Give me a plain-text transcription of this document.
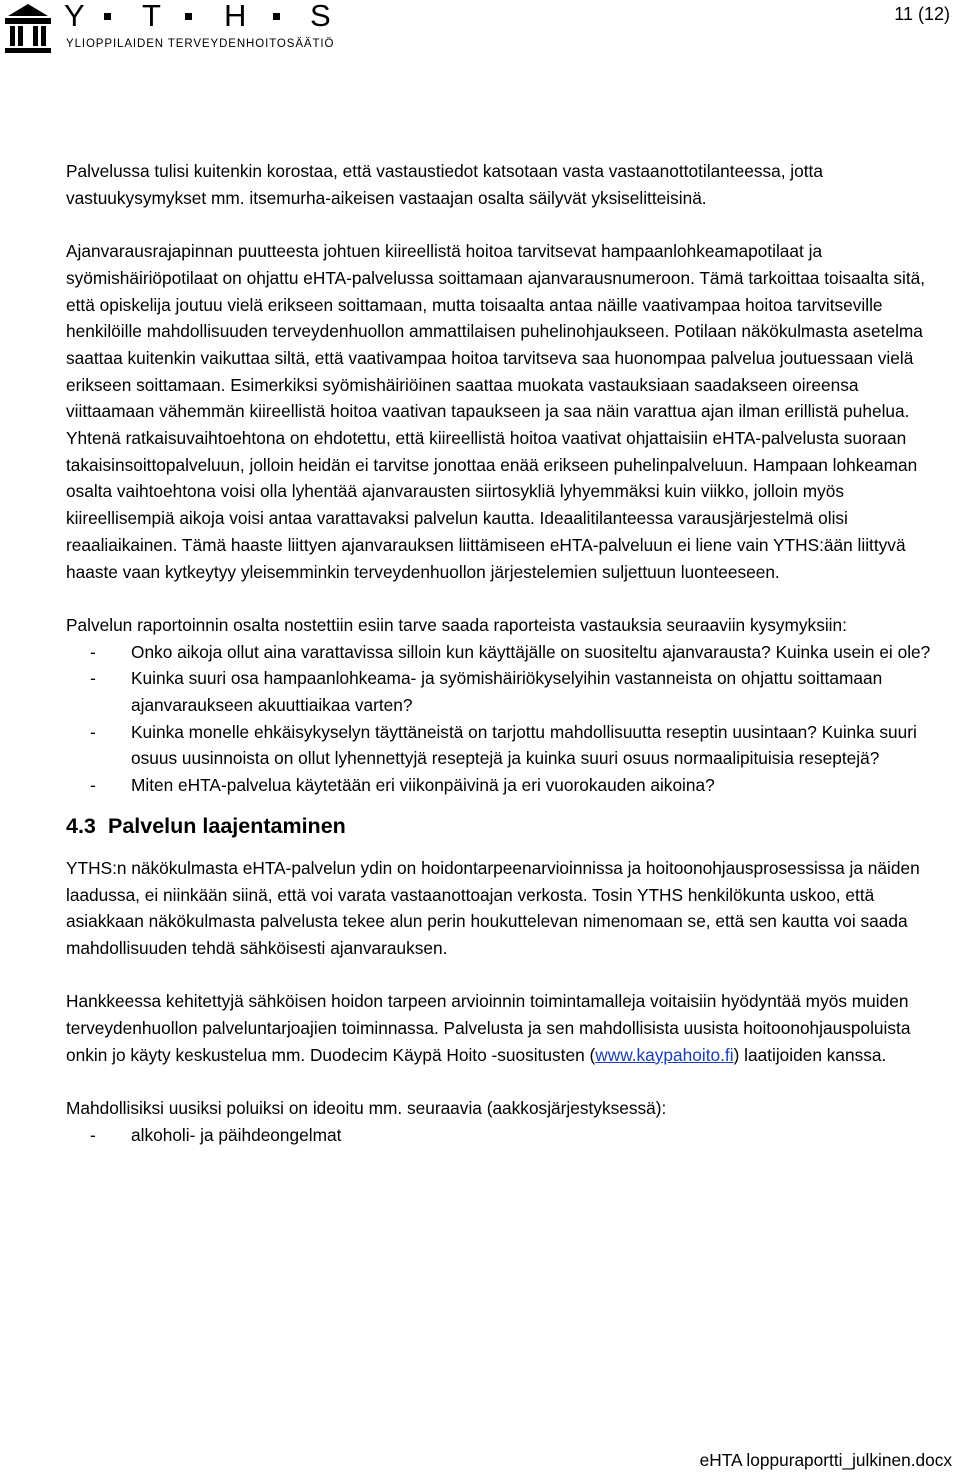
Y T H S
YLIOPPILAIDEN TERVEYDENHOITOSÄÄTIÖ
11 (12)

Palvelussa tulisi kuitenkin korostaa, että vastaustiedot katsotaan vasta vastaanottotilanteessa, jotta vastuukysymykset mm. itsemurha-aikeisen vastaajan osalta säilyvät yksiselitteisinä.

Ajanvarausrajapinnan puutteesta johtuen kiireellistä hoitoa tarvitsevat hampaanlohkeamapotilaat ja syömishäiriöpotilaat on ohjattu eHTA-palvelussa soittamaan ajanvarausnumeroon. Tämä tarkoittaa toisaalta sitä, että opiskelija joutuu vielä erikseen soittamaan, mutta toisaalta antaa näille vaativampaa hoitoa tarvitseville henkilöille mahdollisuuden terveydenhuollon ammattilaisen puhelinohjaukseen. Potilaan näkökulmasta asetelma saattaa kuitenkin vaikuttaa siltä, että vaativampaa hoitoa tarvitseva saa huonompaa palvelua joutuessaan vielä erikseen soittamaan. Esimerkiksi syömishäiriöinen saattaa muokata vastauksiaan saadakseen oireensa viittaamaan vähemmän kiireellistä hoitoa vaativan tapaukseen ja saa näin varattua ajan ilman erillistä puhelua. Yhtenä ratkaisuvaihtoehtona on ehdotettu, että kiireellistä hoitoa vaativat ohjattaisiin eHTA-palvelusta suoraan takaisinsoittopalveluun, jolloin heidän ei tarvitse jonottaa enää erikseen puhelinpalveluun. Hampaan lohkeaman osalta vaihtoehtona voisi olla lyhentää ajanvarausten siirtosykliä lyhyemmäksi kuin viikko, jolloin myös kiireellisempiä aikoja voisi antaa varattavaksi palvelun kautta. Ideaalitilanteessa varausjärjestelmä olisi reaaliaikainen. Tämä haaste liittyen ajanvarauksen liittämiseen eHTA-palveluun ei liene vain YTHS:ään liittyvä haaste vaan kytkeytyy yleisemminkin terveydenhuollon järjestelemien suljettuun luonteeseen.

Palvelun raportoinnin osalta nostettiin esiin tarve saada raporteista vastauksia seuraaviin kysymyksiin:

- Onko aikoja ollut aina varattavissa silloin kun käyttäjälle on suositeltu ajanvarausta? Kuinka usein ei ole?
- Kuinka suuri osa hampaanlohkeama- ja syömishäiriökyselyihin vastanneista on ohjattu soittamaan ajanvaraukseen akuuttiaikaa varten?
- Kuinka monelle ehkäisykyselyn täyttäneistä on tarjottu mahdollisuutta reseptin uusintaan? Kuinka suuri osuus uusinnoista on ollut lyhennettyjä reseptejä ja kuinka suuri osuus normaalipituisia reseptejä?
- Miten eHTA-palvelua käytetään eri viikonpäivinä ja eri vuorokauden aikoina?
4.3 Palvelun laajentaminen

YTHS:n näkökulmasta eHTA-palvelun ydin on hoidontarpeenarvioinnissa ja hoitoonohjausprosessissa ja näiden laadussa, ei niinkään siinä, että voi varata vastaanottoajan verkosta. Tosin YTHS henkilökunta uskoo, että asiakkaan näkökulmasta palvelusta tekee alun perin houkuttelevan nimenomaan se, että sen kautta voi saada mahdollisuuden tehdä sähköisesti ajanvarauksen.

Hankkeessa kehitettyjä sähköisen hoidon tarpeen arvioinnin toimintamalleja voitaisiin hyödyntää myös muiden terveydenhuollon palveluntarjoajien toiminnassa. Palvelusta ja sen mahdollisista uusista hoitoonohjauspoluista onkin jo käyty keskustelua mm. Duodecim Käypä Hoito -suositusten (www.kaypahoito.fi) laatijoiden kanssa.

Mahdollisiksi uusiksi poluiksi on ideoitu mm. seuraavia (aakkosjärjestyksessä):

- alkoholi- ja päihdeongelmat
eHTA loppuraportti_julkinen.docx
